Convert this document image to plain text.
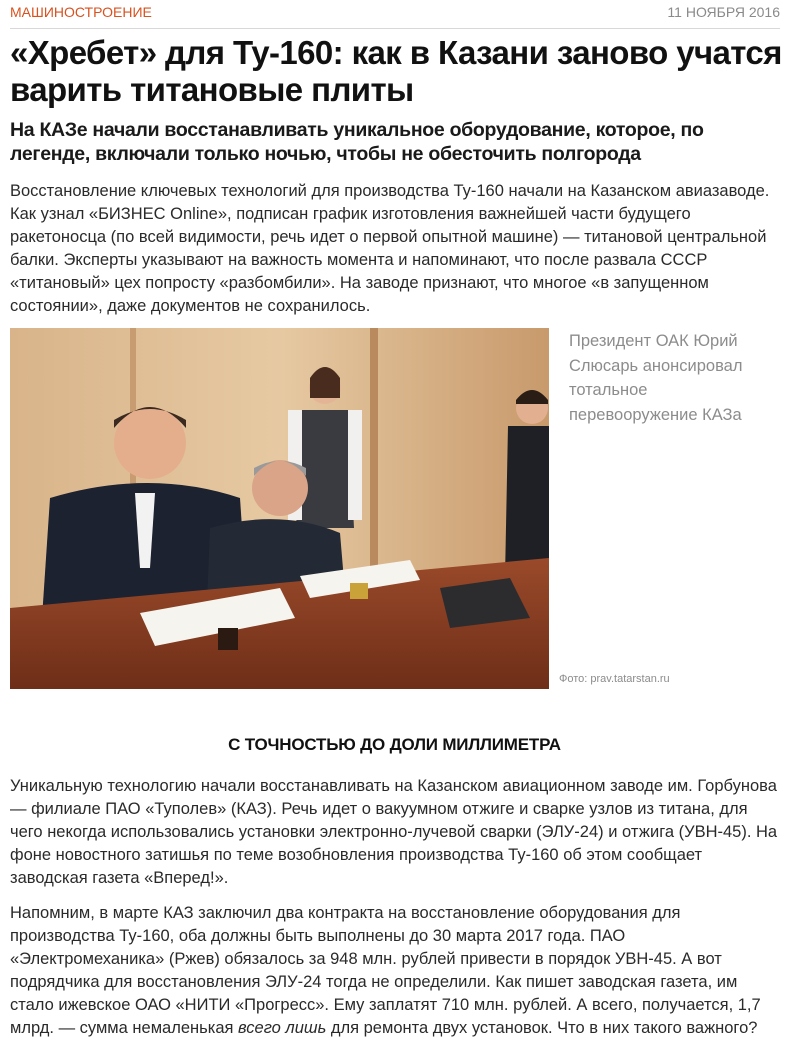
МАШИНОСТРОЕНИЕ	11 НОЯБРЯ 2016
«Хребет» для Ту-160: как в Казани заново учатся варить титановые плиты

На КАЗе начали восстанавливать уникальное оборудование, которое, по легенде, включали только ночью, чтобы не обесточить полгорода

Восстановление ключевых технологий для производства Ту-160 начали на Казанском авиазаводе. Как узнал «БИЗНЕС Online», подписан график изготовления важнейшей части будущего ракетоносца (по всей видимости, речь идет о первой опытной машине) — титановой центральной балки. Эксперты указывают на важность момента и напоминают, что после развала СССР «титановый» цех попросту «разбомбили». На заводе признают, что многое «в запущенном состоянии», даже документов не сохранилось.

Президент ОАК Юрий Слюсарь анонсировал тотальное перевооружение КАЗа

Фото: prav.tatarstan.ru
С ТОЧНОСТЬЮ ДО ДОЛИ МИЛЛИМЕТРА

Уникальную технологию начали восстанавливать на Казанском авиационном заводе им. Горбунова — филиале ПАО «Туполев» (КАЗ). Речь идет о вакуумном отжиге и сварке узлов из титана, для чего некогда использовались установки электронно-лучевой сварки (ЭЛУ-24) и отжига (УВН-45). На фоне новостного затишья по теме возобновления производства Ту-160 об этом сообщает заводская газета «Вперед!».

Напомним, в марте КАЗ заключил два контракта на восстановление оборудования для производства Ту-160, оба должны быть выполнены до 30 марта 2017 года. ПАО «Электромеханика» (Ржев) обязалось за 948 млн. рублей привести в порядок УВН-45. А вот подрядчика для восстановления ЭЛУ-24 тогда не определили. Как пишет заводская газета, им стало ижевское ОАО «НИТИ «Прогресс». Ему заплатят 710 млн. рублей. А всего, получается, 1,7 млрд. — сумма немаленькая всего лишь для ремонта двух установок. Что в них такого важного?
